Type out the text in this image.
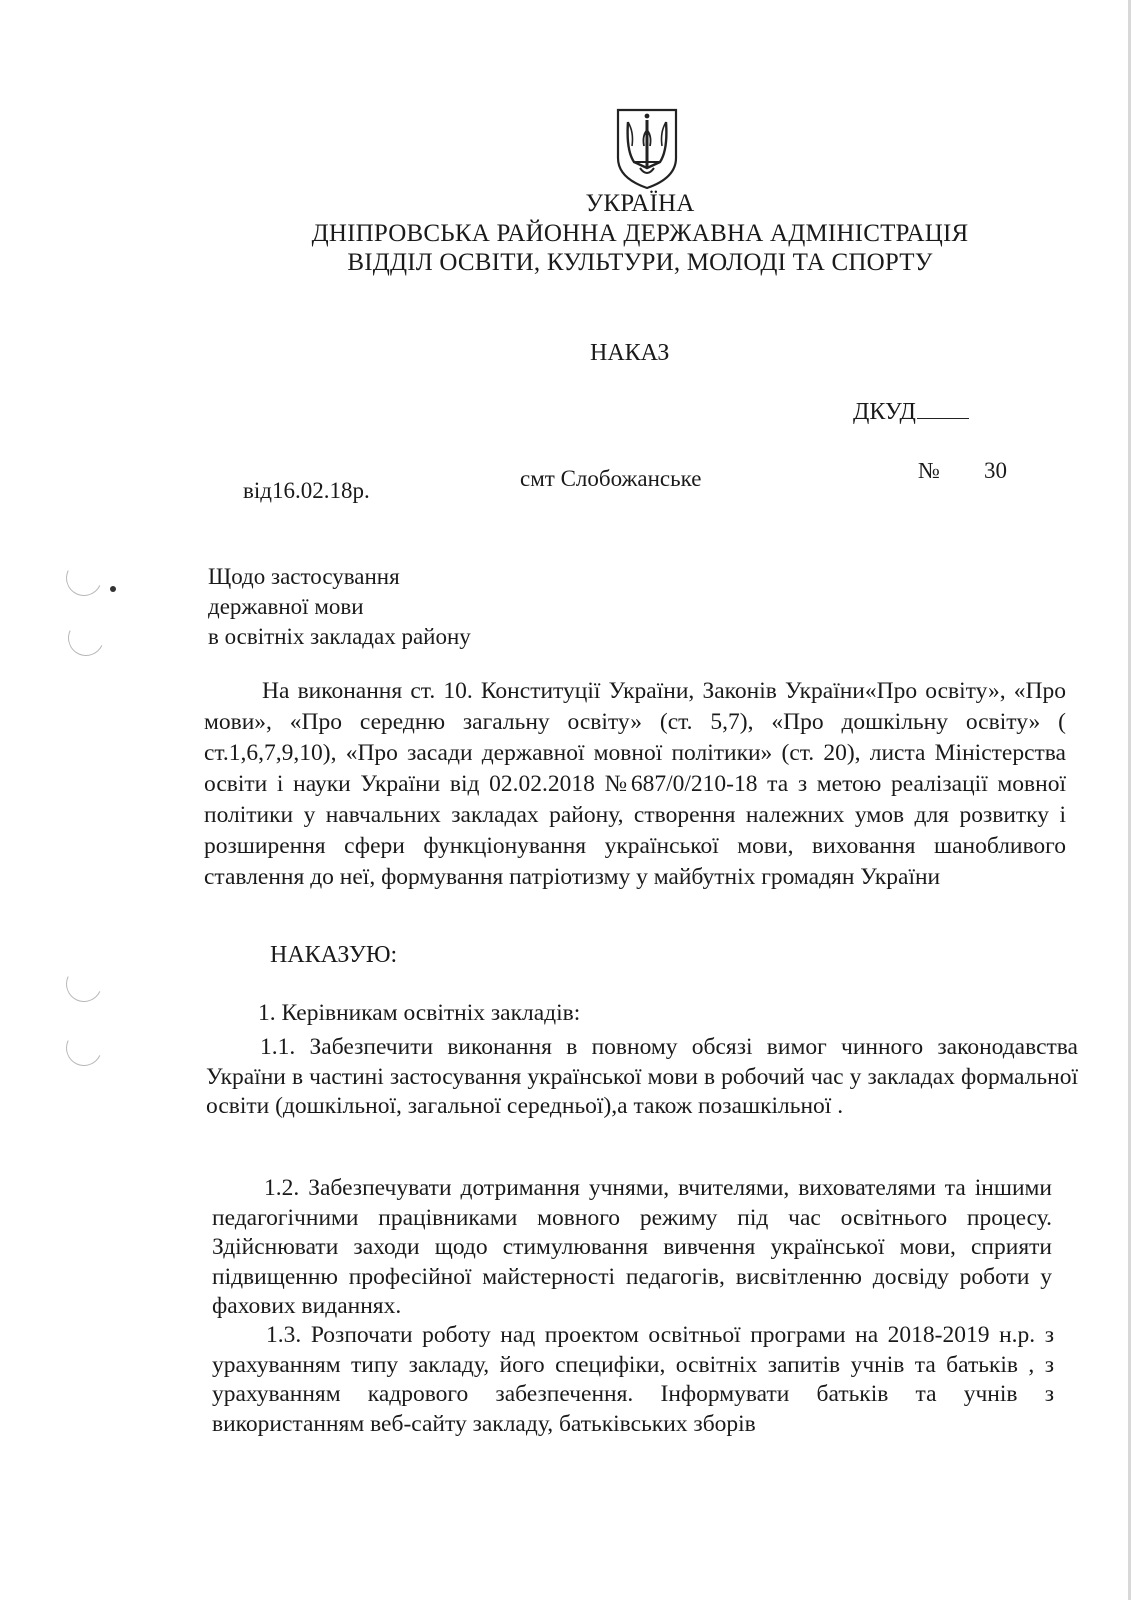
УКРАЇНА
ДНІПРОВСЬКА РАЙОННА ДЕРЖАВНА АДМІНІСТРАЦІЯ
ВІДДІЛ ОСВІТИ, КУЛЬТУРИ, МОЛОДІ ТА СПОРТУ
НАКАЗ
ДКУД
від16.02.18р.	смт Слобожанське	№ 30
Щодо застосування
державної мови
в освітніх закладах району
На виконання ст. 10. Конституції України, Законів України«Про освіту», «Про мови», «Про середню загальну освіту» (ст. 5,7), «Про дошкільну освіту» ( ст.1,6,7,9,10), «Про засади державної мовної політики» (ст. 20), листа Міністерства освіти і науки України від 02.02.2018 №687/0/210-18 та з метою реалізації мовної політики у навчальних закладах району, створення належних умов для розвитку і розширення сфери функціонування української мови, виховання шанобливого ставлення до неї, формування патріотизму у майбутніх громадян України
НАКАЗУЮ:
1. Керівникам освітніх закладів:
1.1. Забезпечити виконання в повному обсязі вимог чинного законодавства України в частині застосування української мови в робочий час у закладах формальної освіти (дошкільної, загальної середньої),а також позашкільної .
1.2. Забезпечувати дотримання учнями, вчителями, вихователями та іншими педагогічними працівниками мовного режиму під час освітнього процесу. Здійснювати заходи щодо стимулювання вивчення української мови, сприяти підвищенню професійної майстерності педагогів, висвітленню досвіду роботи у фахових виданнях.
1.3. Розпочати роботу над проектом освітньої програми на 2018-2019 н.р. з урахуванням типу закладу, його специфіки, освітніх запитів учнів та батьків , з урахуванням кадрового забезпечення. Інформувати батьків та учнів з використанням веб-сайту закладу, батьківських зборів
